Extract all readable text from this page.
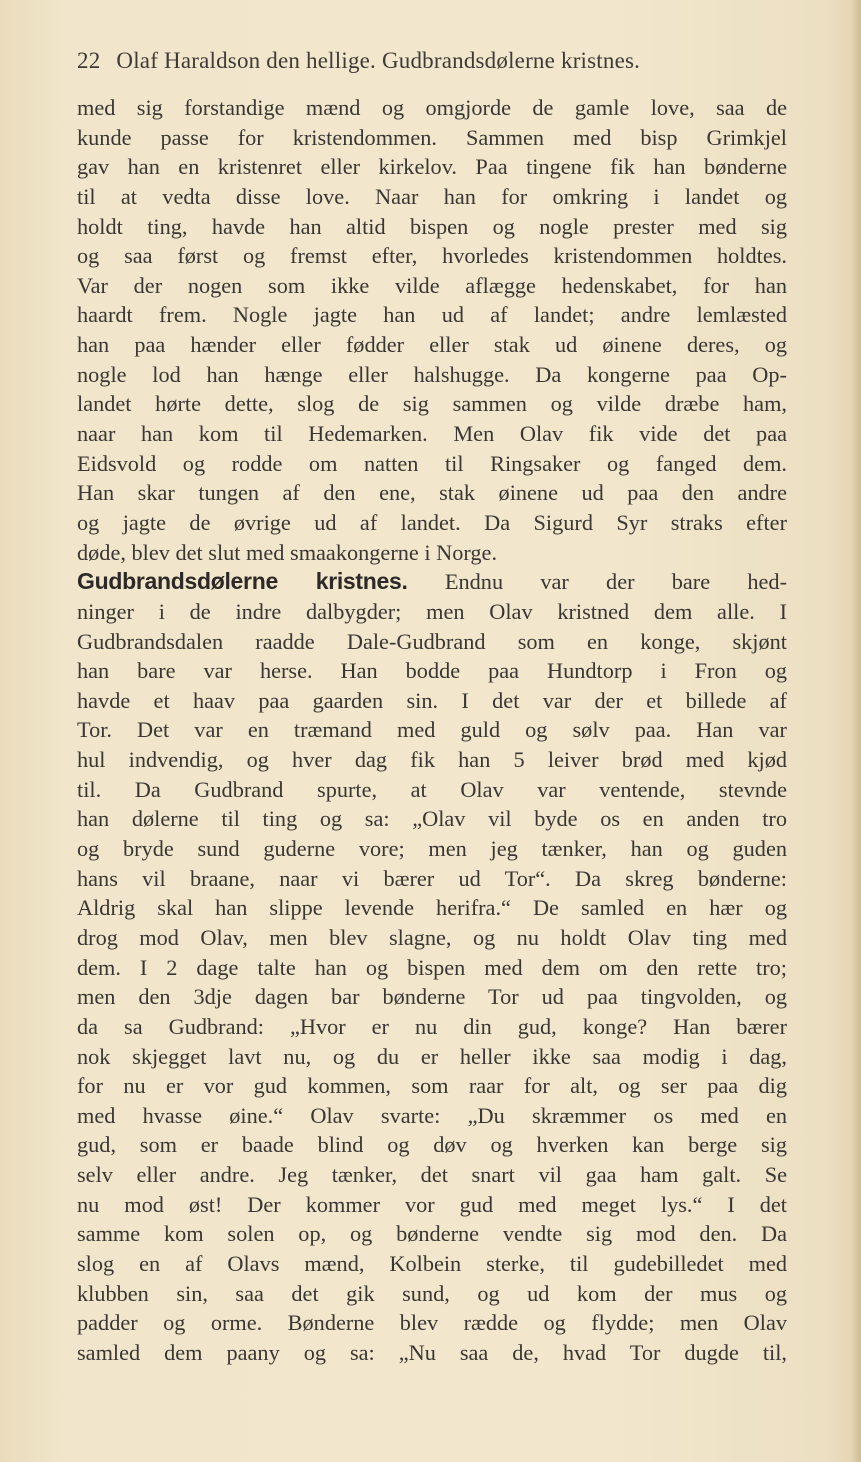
22 Olaf Haraldson den hellige. Gudbrandsdølerne kristnes.
med sig forstandige mænd og omgjorde de gamle love, saa de
kunde passe for kristendommen. Sammen med bisp Grimkjel
gav han en kristenret eller kirkelov. Paa tingene fik han bønderne
til at vedta disse love. Naar han for omkring i landet og
holdt ting, havde han altid bispen og nogle prester med sig
og saa først og fremst efter, hvorledes kristendommen holdtes.
Var der nogen som ikke vilde aflægge hedenskabet, for han
haardt frem. Nogle jagte han ud af landet; andre lemlæsted
han paa hænder eller fødder eller stak ud øinene deres, og
nogle lod han hænge eller halshugge. Da kongerne paa Op-
landet hørte dette, slog de sig sammen og vilde dræbe ham,
naar han kom til Hedemarken. Men Olav fik vide det paa
Eidsvold og rodde om natten til Ringsaker og fanged dem.
Han skar tungen af den ene, stak øinene ud paa den andre
og jagte de øvrige ud af landet. Da Sigurd Syr straks efter
døde, blev det slut med smaakongerne i Norge.
Gudbrandsdølerne kristnes. Endnu var der bare hed-
ninger i de indre dalbygder; men Olav kristned dem alle. I
Gudbrandsdalen raadde Dale-Gudbrand som en konge, skjønt
han bare var herse. Han bodde paa Hundtorp i Fron og
havde et haav paa gaarden sin. I det var der et billede af
Tor. Det var en træmand med guld og sølv paa. Han var
hul indvendig, og hver dag fik han 5 leiver brød med kjød
til. Da Gudbrand spurte, at Olav var ventende, stevnde
han dølerne til ting og sa: „Olav vil byde os en anden tro
og bryde sund guderne vore; men jeg tænker, han og guden
hans vil braane, naar vi bærer ud Tor“. Da skreg bønderne:
Aldrig skal han slippe levende herifra.“ De samled en hær og
drog mod Olav, men blev slagne, og nu holdt Olav ting med
dem. I 2 dage talte han og bispen med dem om den rette tro;
men den 3dje dagen bar bønderne Tor ud paa tingvolden, og
da sa Gudbrand: „Hvor er nu din gud, konge? Han bærer
nok skjegget lavt nu, og du er heller ikke saa modig i dag,
for nu er vor gud kommen, som raar for alt, og ser paa dig
med hvasse øine.“ Olav svarte: „Du skræmmer os med en
gud, som er baade blind og døv og hverken kan berge sig
selv eller andre. Jeg tænker, det snart vil gaa ham galt. Se
nu mod øst! Der kommer vor gud med meget lys.“ I det
samme kom solen op, og bønderne vendte sig mod den. Da
slog en af Olavs mænd, Kolbein sterke, til gudebilledet med
klubben sin, saa det gik sund, og ud kom der mus og
padder og orme. Bønderne blev rædde og flydde; men Olav
samled dem paany og sa: „Nu saa de, hvad Tor dugde til,
